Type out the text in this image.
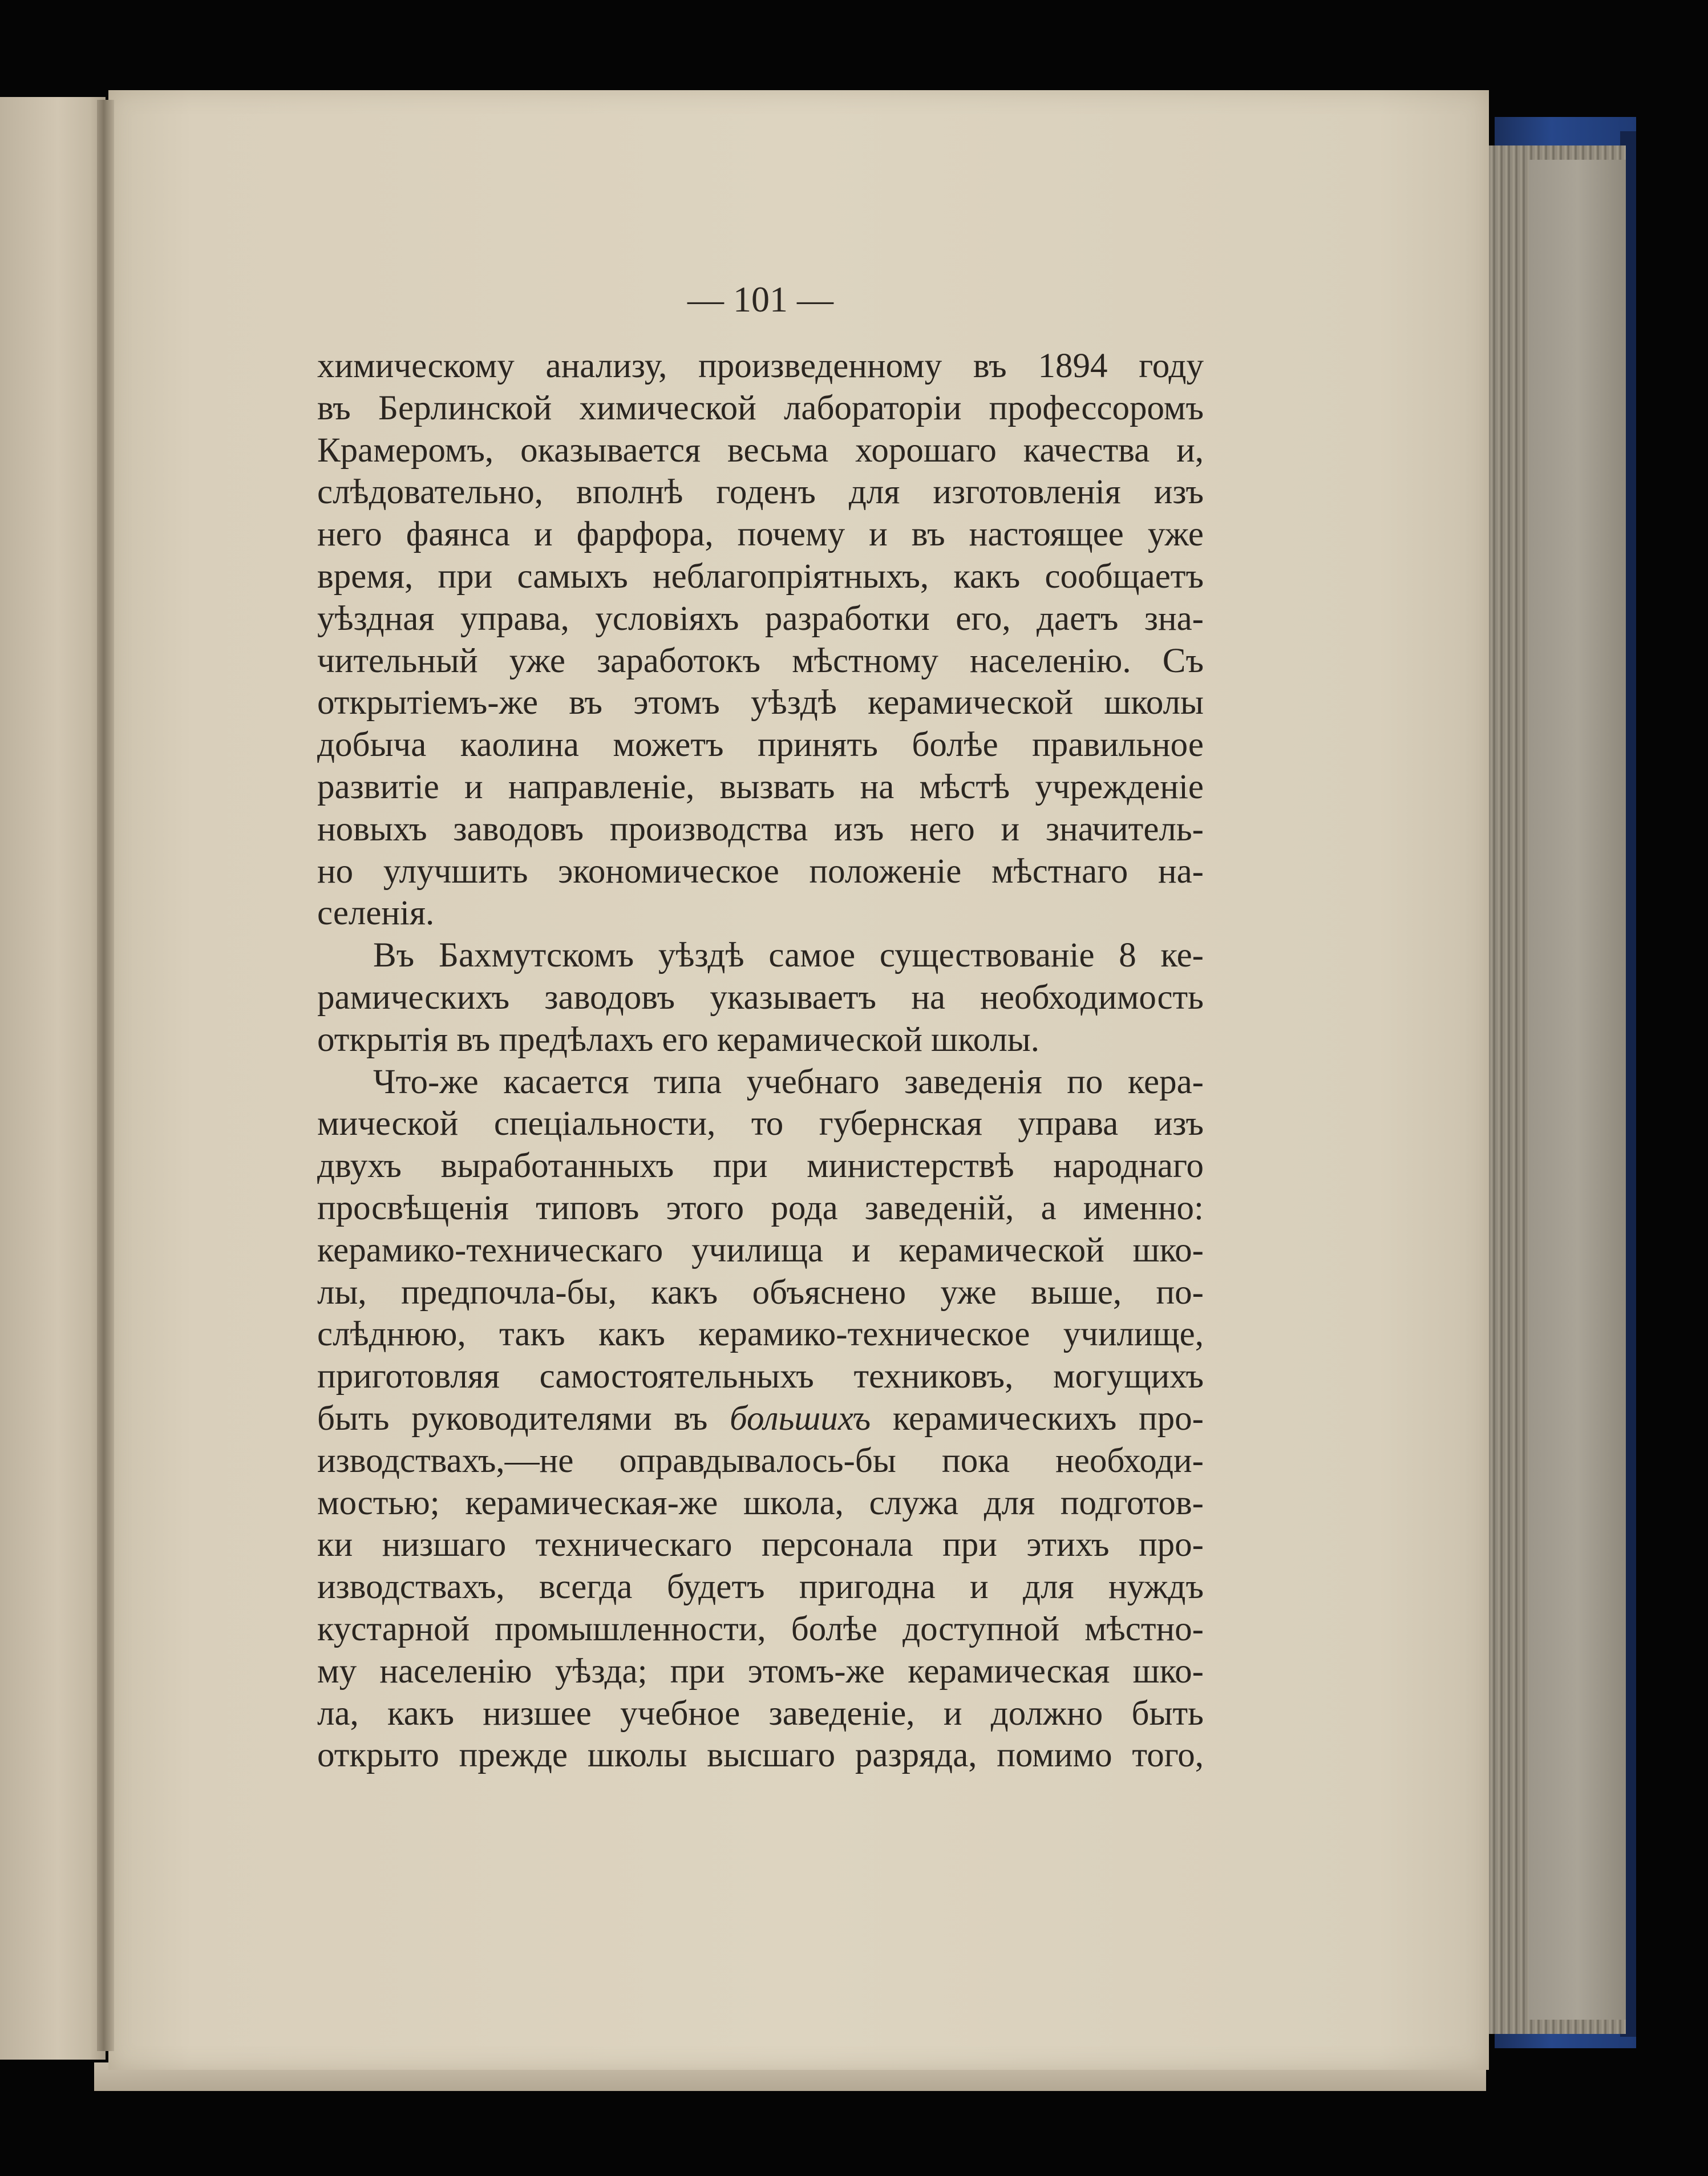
— 101 —
химическому анализу, произведенному въ 1894 году
въ Берлинской химической лабораторіи профессоромъ
Крамеромъ, оказывается весьма хорошаго качества и,
слѣдовательно, вполнѣ годенъ для изготовленія изъ
него фаянса и фарфора, почему и въ настоящее уже
время, при самыхъ неблагопріятныхъ, какъ сообщаетъ
уѣздная управа, условіяхъ разработки его, даетъ зна-
чительный уже заработокъ мѣстному населенію. Съ
открытіемъ-же въ этомъ уѣздѣ керамической школы
добыча каолина можетъ принять болѣе правильное
развитіе и направленіе, вызвать на мѣстѣ учрежденіе
новыхъ заводовъ производства изъ него и значитель-
но улучшить экономическое положеніе мѣстнаго на-
селенія.
Въ Бахмутскомъ уѣздѣ самое существованіе 8 ке-
рамическихъ заводовъ указываетъ на необходимость
открытія въ предѣлахъ его керамической школы.
Что-же касается типа учебнаго заведенія по кера-
мической спеціальности, то губернская управа изъ
двухъ выработанныхъ при министерствѣ народнаго
просвѣщенія типовъ этого рода заведеній, а именно:
керамико-техническаго училища и керамической шко-
лы, предпочла-бы, какъ объяснено уже выше, по-
слѣднюю, такъ какъ керамико-техническое училище,
приготовляя самостоятельныхъ техниковъ, могущихъ
быть руководителями въ большихъ керамическихъ про-
изводствахъ,—не оправдывалось-бы пока необходи-
мостью; керамическая-же школа, служа для подготов-
ки низшаго техническаго персонала при этихъ про-
изводствахъ, всегда будетъ пригодна и для нуждъ
кустарной промышленности, болѣе доступной мѣстно-
му населенію уѣзда; при этомъ-же керамическая шко-
ла, какъ низшее учебное заведеніе, и должно быть
открыто прежде школы высшаго разряда, помимо того,
